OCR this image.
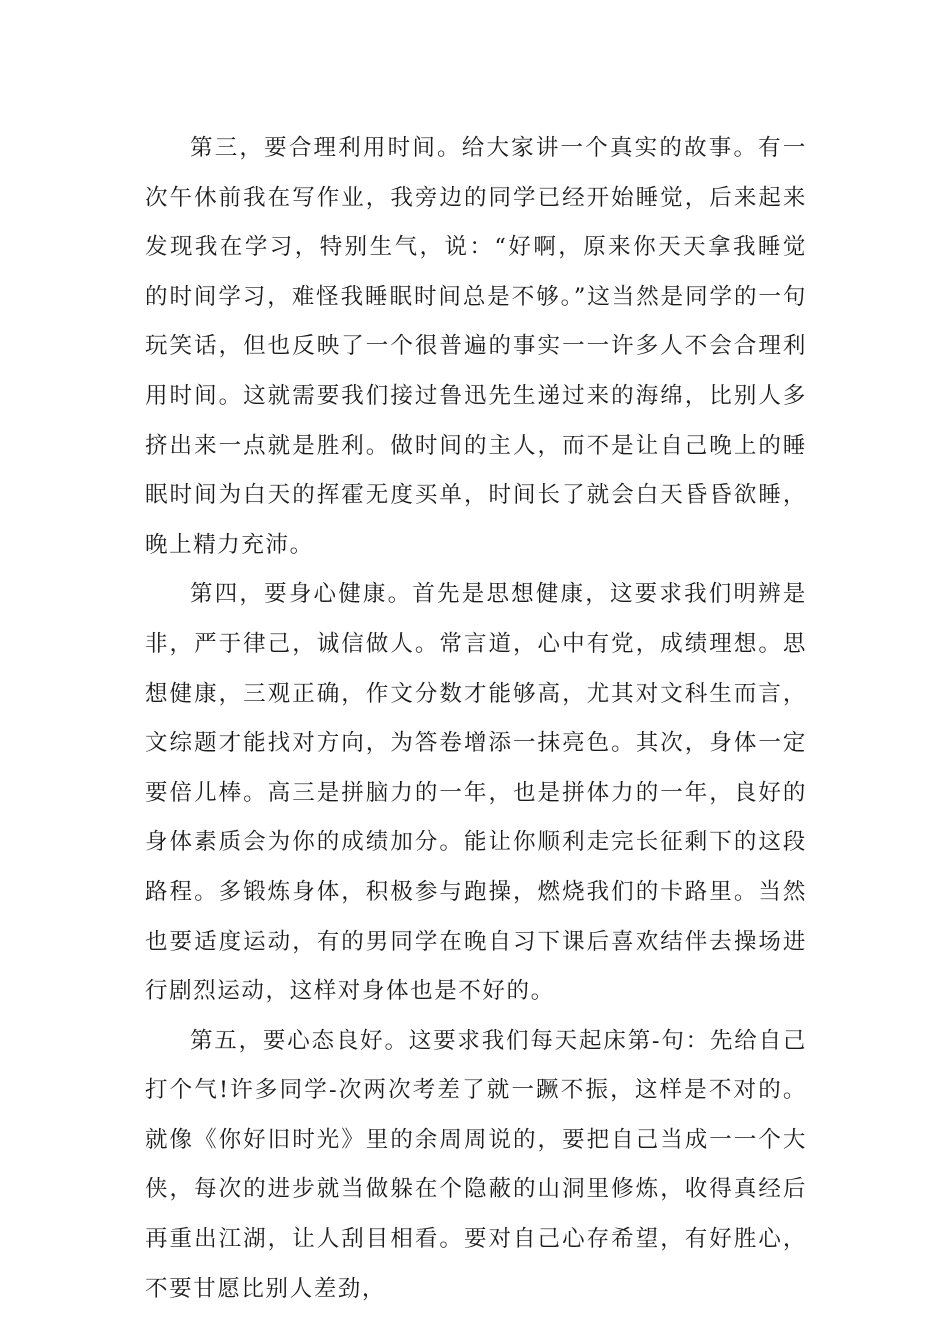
第三，要合理利用时间。给大家讲一个真实的故事。有一次午休前我在写作业，我旁边的同学已经开始睡觉，后来起来发现我在学习，特别生气，说：“好啊，原来你天天拿我睡觉的时间学习，难怪我睡眠时间总是不够。”这当然是同学的一句玩笑话，但也反映了一个很普遍的事实一一许多人不会合理利用时间。这就需要我们接过鲁迅先生递过来的海绵，比别人多挤出来一点就是胜利。做时间的主人，而不是让自己晚上的睡眠时间为白天的挥霍无度买单，时间长了就会白天昏昏欲睡，晚上精力充沛。

第四，要身心健康。首先是思想健康，这要求我们明辨是非，严于律己，诚信做人。常言道，心中有党，成绩理想。思想健康，三观正确，作文分数才能够高，尤其对文科生而言，文综题才能找对方向，为答卷增添一抹亮色。其次，身体一定要倍儿棒。高三是拼脑力的一年，也是拼体力的一年，良好的身体素质会为你的成绩加分。能让你顺利走完长征剩下的这段路程。多锻炼身体，积极参与跑操，燃烧我们的卡路里。当然也要适度运动，有的男同学在晚自习下课后喜欢结伴去操场进行剧烈运动，这样对身体也是不好的。

第五，要心态良好。这要求我们每天起床第-句：先给自己打个气!许多同学-次两次考差了就一蹶不振，这样是不对的。就像《你好旧时光》里的余周周说的，要把自己当成一一个大侠，每次的进步就当做躲在个隐蔽的山洞里修炼，收得真经后再重出江湖，让人刮目相看。要对自己心存希望，有好胜心，不要甘愿比别人差劲，
